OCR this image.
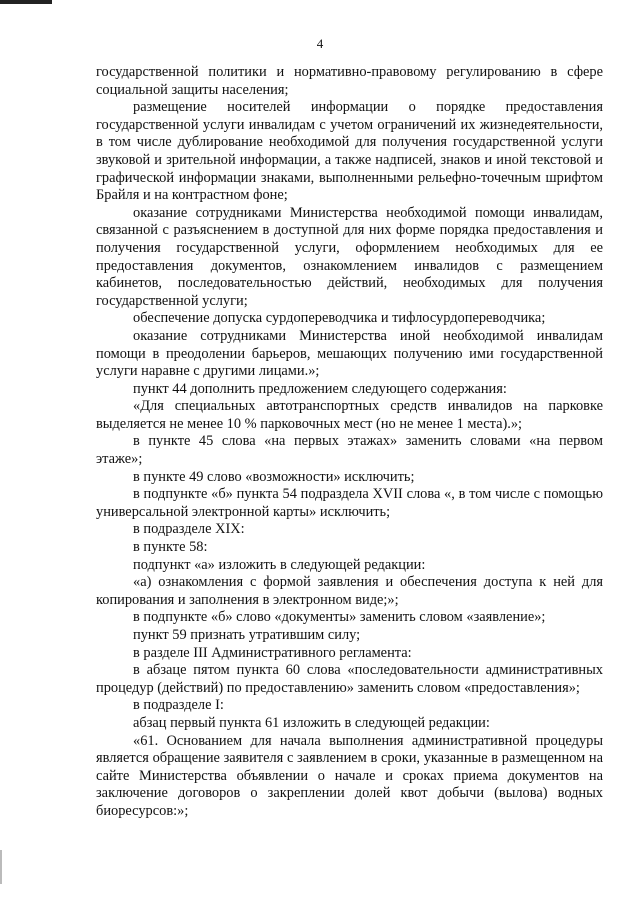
4

государственной политики и нормативно-правовому регулированию в сфере социальной защиты населения;

размещение носителей информации о порядке предоставления государственной услуги инвалидам с учетом ограничений их жизнедеятельности, в том числе дублирование необходимой для получения государственной услуги звуковой и зрительной информации, а также надписей, знаков и иной текстовой и графической информации знаками, выполненными рельефно-точечным шрифтом Брайля и на контрастном фоне;

оказание сотрудниками Министерства необходимой помощи инвалидам, связанной с разъяснением в доступной для них форме порядка предоставления и получения государственной услуги, оформлением необходимых для ее предоставления документов, ознакомлением инвалидов с размещением кабинетов, последовательностью действий, необходимых для получения государственной услуги;

обеспечение допуска сурдопереводчика и тифлосурдопереводчика;

оказание сотрудниками Министерства иной необходимой инвалидам помощи в преодолении барьеров, мешающих получению ими государственной услуги наравне с другими лицами.»;

пункт 44 дополнить предложением следующего содержания:

«Для специальных автотранспортных средств инвалидов на парковке выделяется не менее 10 % парковочных мест (но не менее 1 места).»;

в пункте 45 слова «на первых этажах» заменить словами «на первом этаже»;

в пункте 49 слово «возможности» исключить;

в подпункте «б» пункта 54 подраздела XVII слова «, в том числе с помощью универсальной электронной карты» исключить;

в подразделе XIX:

в пункте 58:

подпункт «а» изложить в следующей редакции:

«а) ознакомления с формой заявления и обеспечения доступа к ней для копирования и заполнения в электронном виде;»;

в подпункте «б» слово «документы» заменить словом «заявление»;

пункт 59 признать утратившим силу;

в разделе III Административного регламента:

в абзаце пятом пункта 60 слова «последовательности административных процедур (действий) по предоставлению» заменить словом «предоставления»;

в подразделе I:

абзац первый пункта 61 изложить в следующей редакции:

«61. Основанием для начала выполнения административной процедуры является обращение заявителя с заявлением в сроки, указанные в размещенном на сайте Министерства объявлении о начале и сроках приема документов на заключение договоров о закреплении долей квот добычи (вылова) водных биоресурсов:»;
